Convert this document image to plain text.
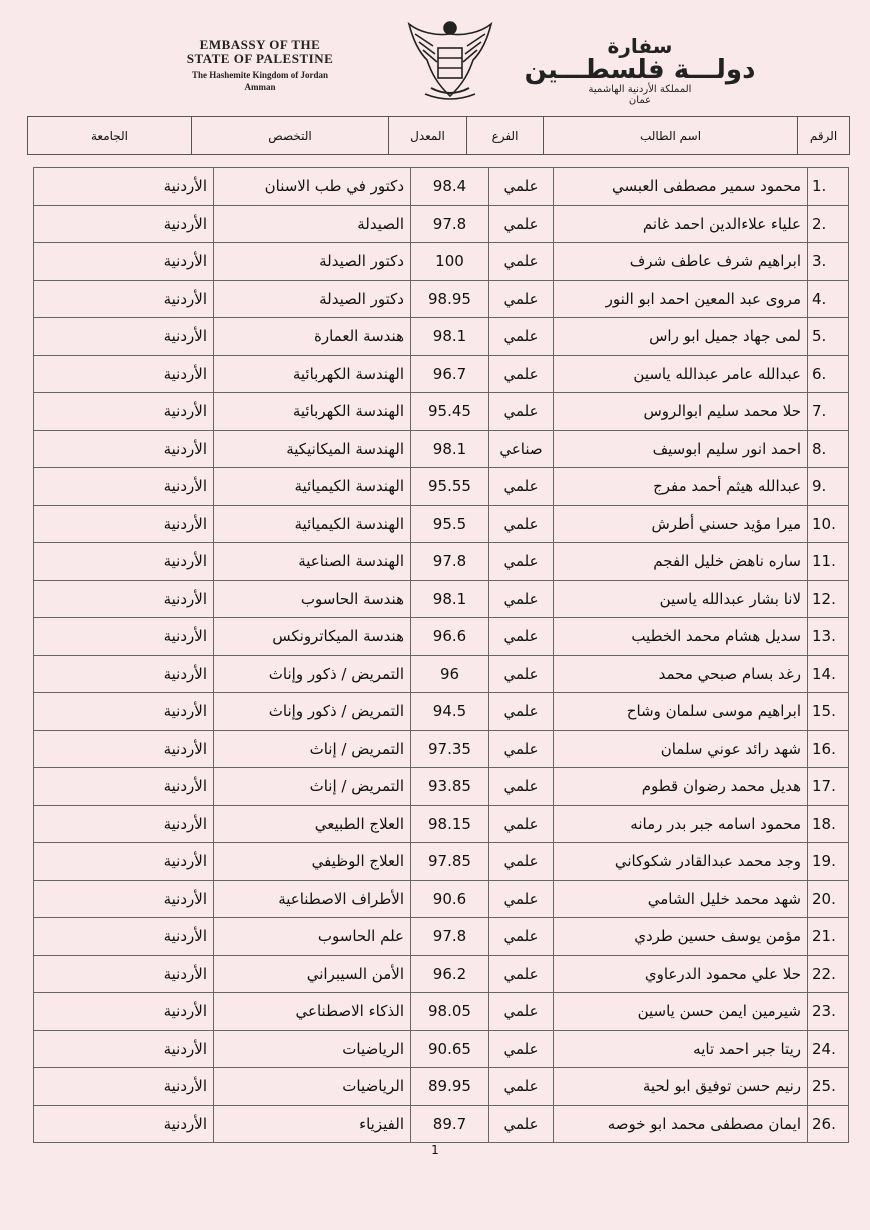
EMBASSY OF THE
STATE OF PALESTINE
The Hashemite Kingdom of Jordan
Amman
سفارة
دولـــة فلسطـــين
المملكة الأردنية الهاشمية
عمان
الرقم	اسم الطالب	الفرع	المعدل	التخصص	الجامعة
1.	محمود سمير مصطفى العبسي	علمي	98.4	دكتور في طب الاسنان	الأردنية
2.	علياء علاءالدين احمد غانم	علمي	97.8	الصيدلة	الأردنية
3.	ابراهيم شرف عاطف شرف	علمي	100	دكتور الصيدلة	الأردنية
4.	مروى عبد المعين احمد ابو النور	علمي	98.95	دكتور الصيدلة	الأردنية
5.	لمى جهاد جميل ابو راس	علمي	98.1	هندسة العمارة	الأردنية
6.	عبدالله عامر عبدالله ياسين	علمي	96.7	الهندسة الكهربائية	الأردنية
7.	حلا محمد سليم ابوالروس	علمي	95.45	الهندسة الكهربائية	الأردنية
8.	احمد انور سليم ابوسيف	صناعي	98.1	الهندسة الميكانيكية	الأردنية
9.	عبدالله هيثم أحمد مفرج	علمي	95.55	الهندسة الكيميائية	الأردنية
10.	ميرا مؤيد حسني أطرش	علمي	95.5	الهندسة الكيميائية	الأردنية
11.	ساره ناهض خليل الفجم	علمي	97.8	الهندسة الصناعية	الأردنية
12.	لانا بشار عبدالله ياسين	علمي	98.1	هندسة الحاسوب	الأردنية
13.	سديل هشام محمد الخطيب	علمي	96.6	هندسة الميكاترونكس	الأردنية
14.	رغد بسام صبحي محمد	علمي	96	التمريض / ذكور وإناث	الأردنية
15.	ابراهيم موسى سلمان وشاح	علمي	94.5	التمريض / ذكور وإناث	الأردنية
16.	شهد رائد عوني سلمان	علمي	97.35	التمريض / إناث	الأردنية
17.	هديل محمد رضوان قطوم	علمي	93.85	التمريض / إناث	الأردنية
18.	محمود اسامه جبر بدر رمانه	علمي	98.15	العلاج الطبيعي	الأردنية
19.	وجد محمد عبدالقادر شكوكاني	علمي	97.85	العلاج الوظيفي	الأردنية
20.	شهد محمد خليل الشامي	علمي	90.6	الأطراف الاصطناعية	الأردنية
21.	مؤمن يوسف حسين طردي	علمي	97.8	علم الحاسوب	الأردنية
22.	حلا علي محمود الدرعاوي	علمي	96.2	الأمن السيبراني	الأردنية
23.	شيرمين ايمن حسن ياسين	علمي	98.05	الذكاء الاصطناعي	الأردنية
24.	ريتا جبر احمد تايه	علمي	90.65	الرياضيات	الأردنية
25.	رنيم حسن توفيق ابو لحية	علمي	89.95	الرياضيات	الأردنية
26.	ايمان مصطفى محمد ابو خوصه	علمي	89.7	الفيزياء	الأردنية
1
